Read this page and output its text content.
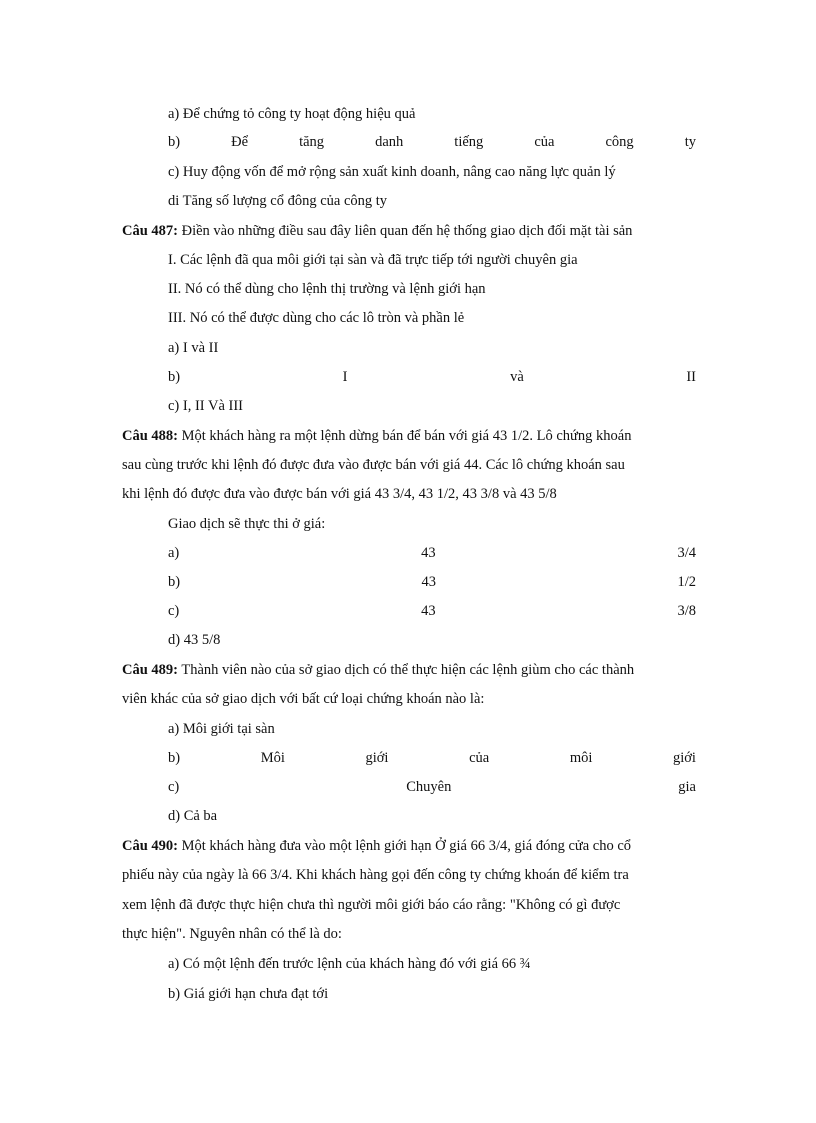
a) Để chứng tỏ công ty hoạt động hiệu quả
b)	Để	tăng	danh	tiếng	của	công	ty
c) Huy động vốn để mở rộng sản xuất kinh doanh, nâng cao năng lực quản lý
di Tăng số lượng cổ đông của công ty
Câu 487: Điền vào những điều sau đây liên quan đến hệ thống giao dịch đối mặt tài sản
I. Các lệnh đã qua môi giới tại sàn và đã trực tiếp tới người chuyên gia
II. Nó có thể dùng cho lệnh thị trường và lệnh giới hạn
III. Nó có thể được dùng cho các lô tròn và phần lẻ
a) I và II
b)	I	và	II
c) I, II Và III
Câu 488: Một khách hàng ra một lệnh dừng bán để bán với giá 43 1/2. Lô chứng khoán
sau cùng trước khi lệnh đó được đưa vào được bán với giá 44. Các lô chứng khoán sau
khi lệnh đó được đưa vào được bán với giá 43 3/4, 43 1/2, 43 3/8 và 43 5/8
Giao dịch sẽ thực thi ở giá:
a)	43	3/4
b)	43	1/2
c)	43	3/8
d) 43 5/8
Câu 489: Thành viên nào của sở giao dịch có thể thực hiện các lệnh giùm cho các thành
viên khác của sở giao dịch với bất cứ loại chứng khoán nào là:
a) Môi giới tại sàn
b)	Môi	giới	của	môi	giới
c)	Chuyên	gia
d) Cả ba
Câu 490: Một khách hàng đưa vào một lệnh giới hạn Ở giá 66 3/4, giá đóng cửa cho cổ
phiếu này của ngày là 66 3/4. Khi khách hàng gọi đến công ty chứng khoán để kiểm tra
xem lệnh đã được thực hiện chưa thì người môi giới báo cáo rằng: "Không có gì được
thực hiện". Nguyên nhân có thể là do:
a) Có một lệnh đến trước lệnh của khách hàng đó với giá 66 ¾
b) Giá giới hạn chưa đạt tới
